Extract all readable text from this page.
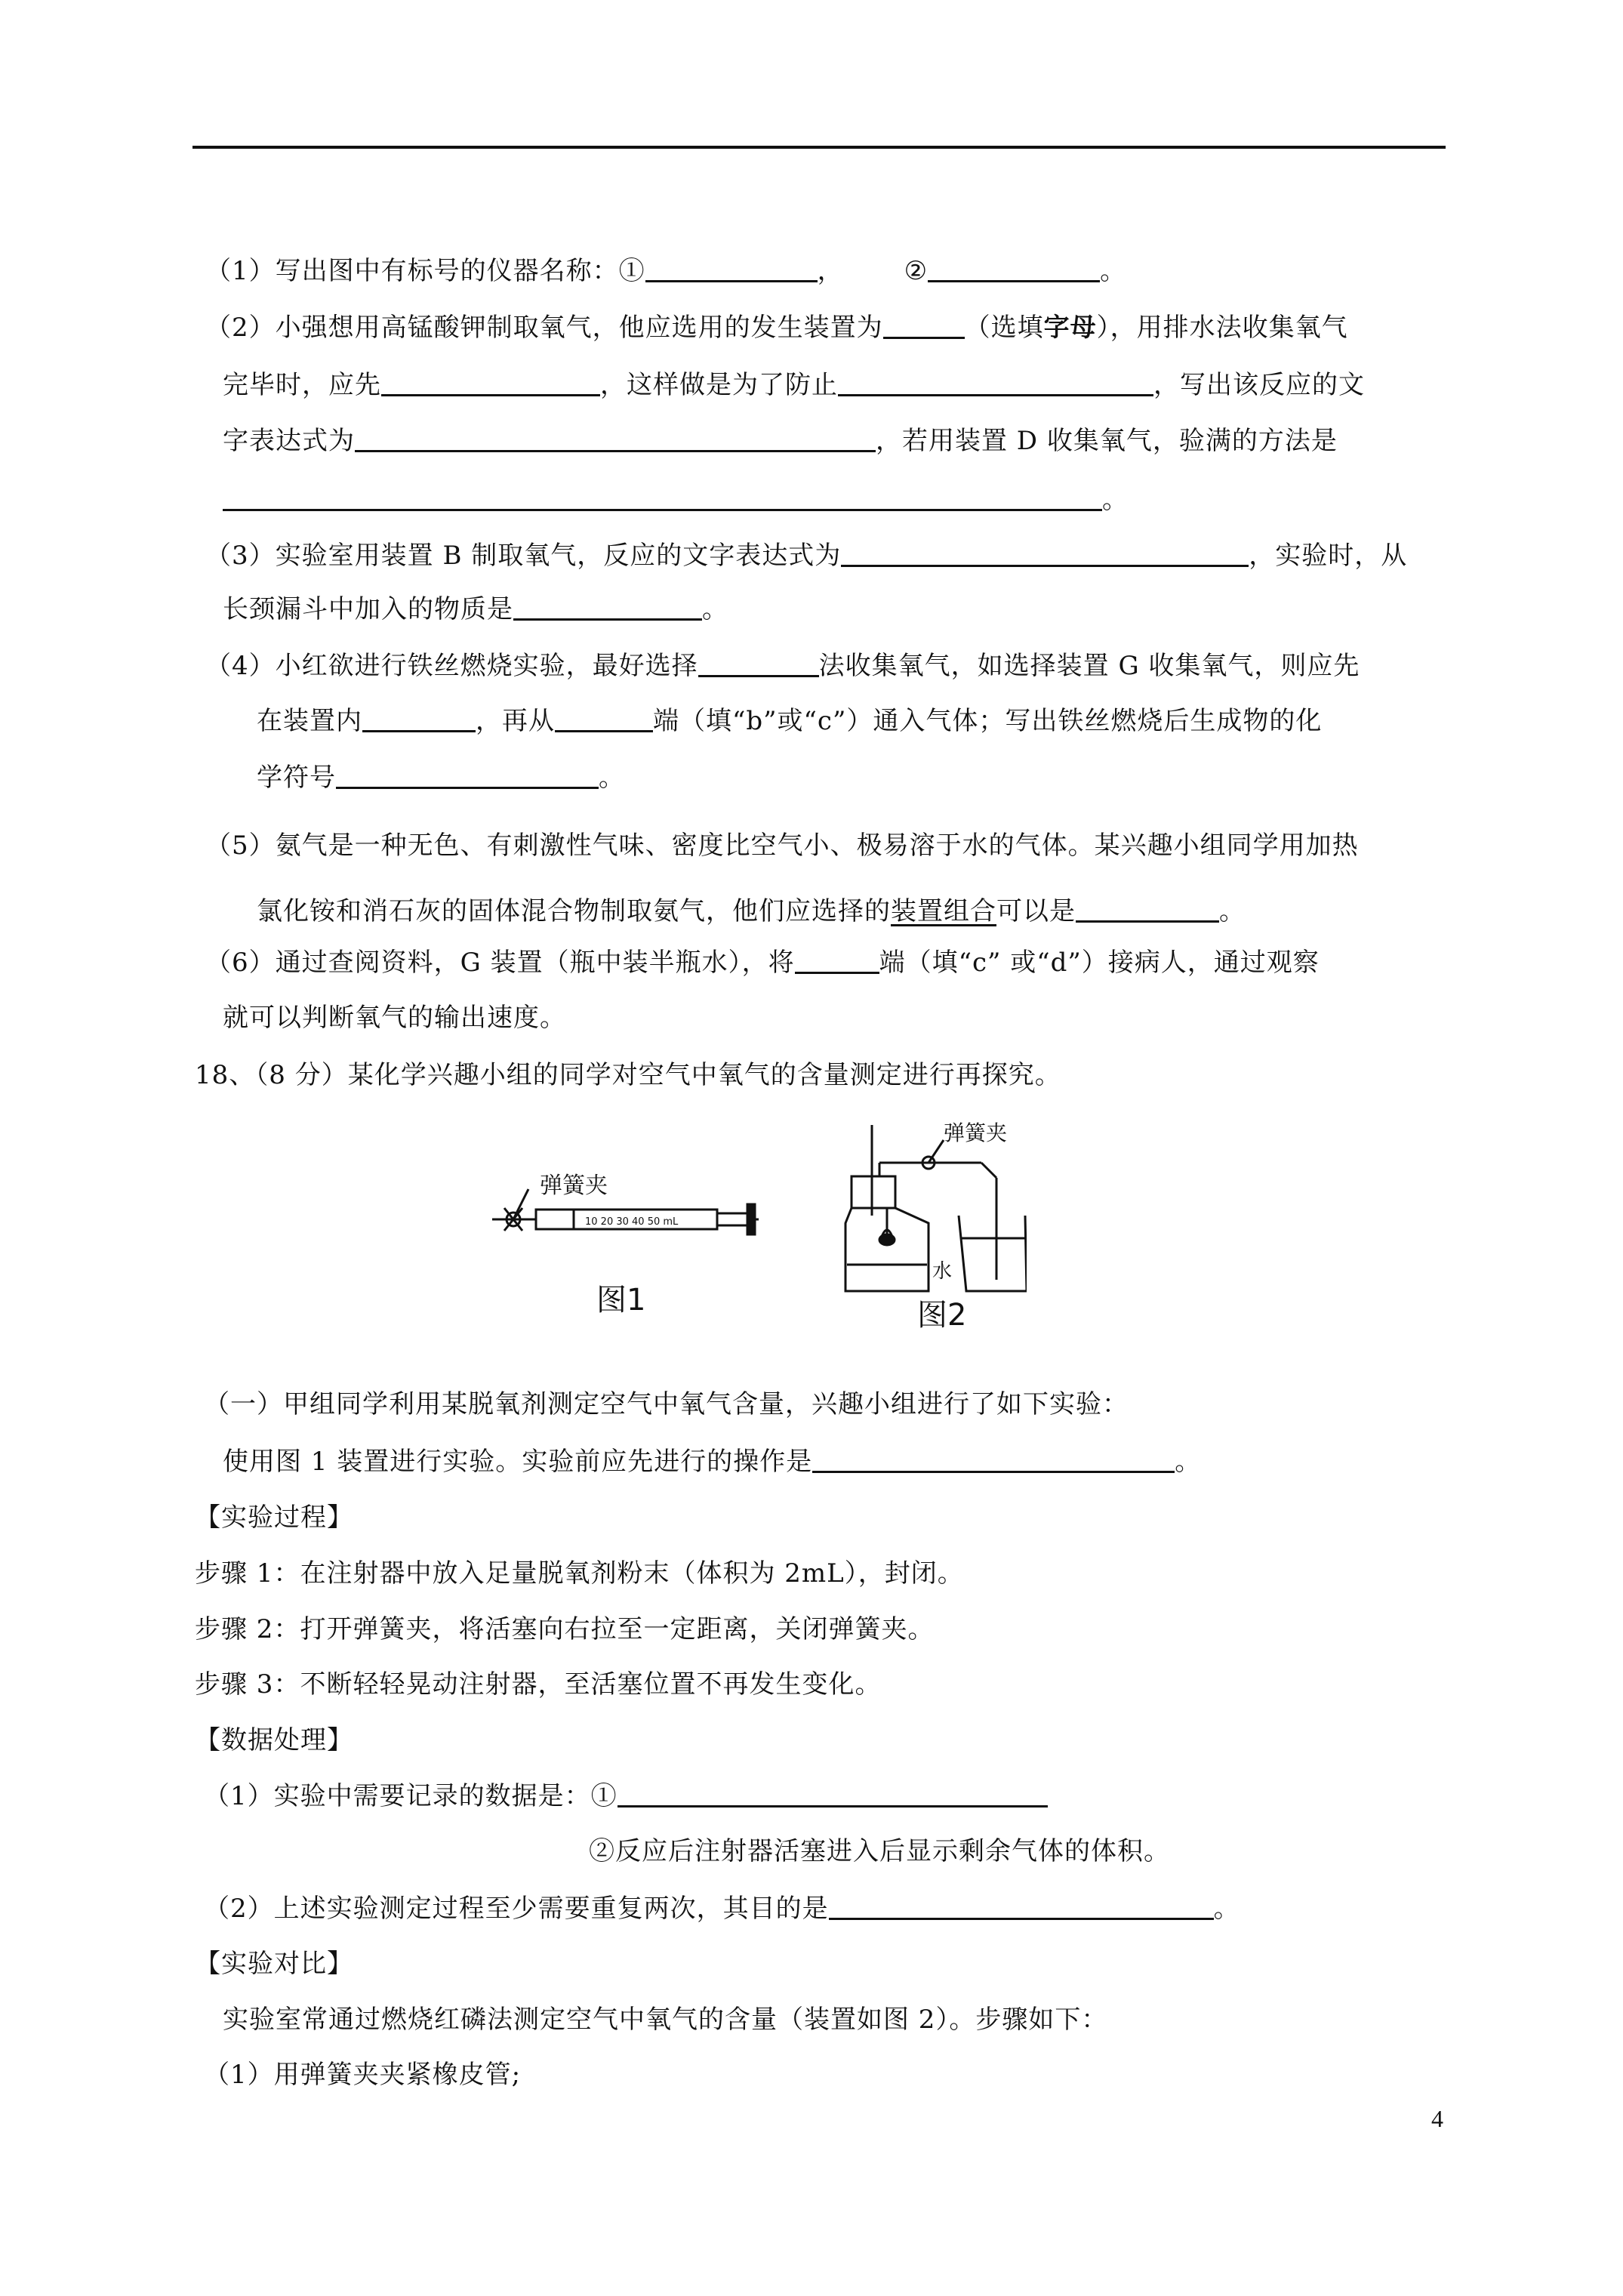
（1）写出图中有标号的仪器名称：①	， ②	。
（2）小强想用高锰酸钾制取氧气，他应选用的发生装置为	（选填字母），用排水法收集氧气
完毕时，应先	，这样做是为了防止	，写出该反应的文
字表达式为	，若用装置 D 收集氧气，验满的方法是
。
（3）实验室用装置 B 制取氧气，反应的文字表达式为	，实验时，从
长颈漏斗中加入的物质是	。
（4）小红欲进行铁丝燃烧实验，最好选择	法收集氧气，如选择装置 G 收集氧气，则应先
在装置内	，再从	端（填“b”或“c”）通入气体；写出铁丝燃烧后生成物的化
学符号	。
（5）氨气是一种无色、有刺激性气味、密度比空气小、极易溶于水的气体。某兴趣小组同学用加热
氯化铵和消石灰的固体混合物制取氨气，他们应选择的装置组合可以是	。
（6）通过查阅资料，G 装置（瓶中装半瓶水），将	端（填“c” 或“d”）接病人，通过观察
就可以判断氧气的输出速度。
18、（8 分）某化学兴趣小组的同学对空气中氧气的含量测定进行再探究。
弹簧夹
10 20 30 40 50 mL
图1
弹簧夹
水
图2
（一）甲组同学利用某脱氧剂测定空气中氧气含量，兴趣小组进行了如下实验：
使用图 1 装置进行实验。实验前应先进行的操作是	。
【实验过程】
步骤 1：在注射器中放入足量脱氧剂粉末（体积为 2mL），封闭。
步骤 2：打开弹簧夹，将活塞向右拉至一定距离，关闭弹簧夹。
步骤 3：不断轻轻晃动注射器，至活塞位置不再发生变化。
【数据处理】
（1）实验中需要记录的数据是：①
②反应后注射器活塞进入后显示剩余气体的体积。
（2）上述实验测定过程至少需要重复两次，其目的是	。
【实验对比】
实验室常通过燃烧红磷法测定空气中氧气的含量（装置如图 2）。步骤如下：
（1）用弹簧夹夹紧橡皮管;
4
